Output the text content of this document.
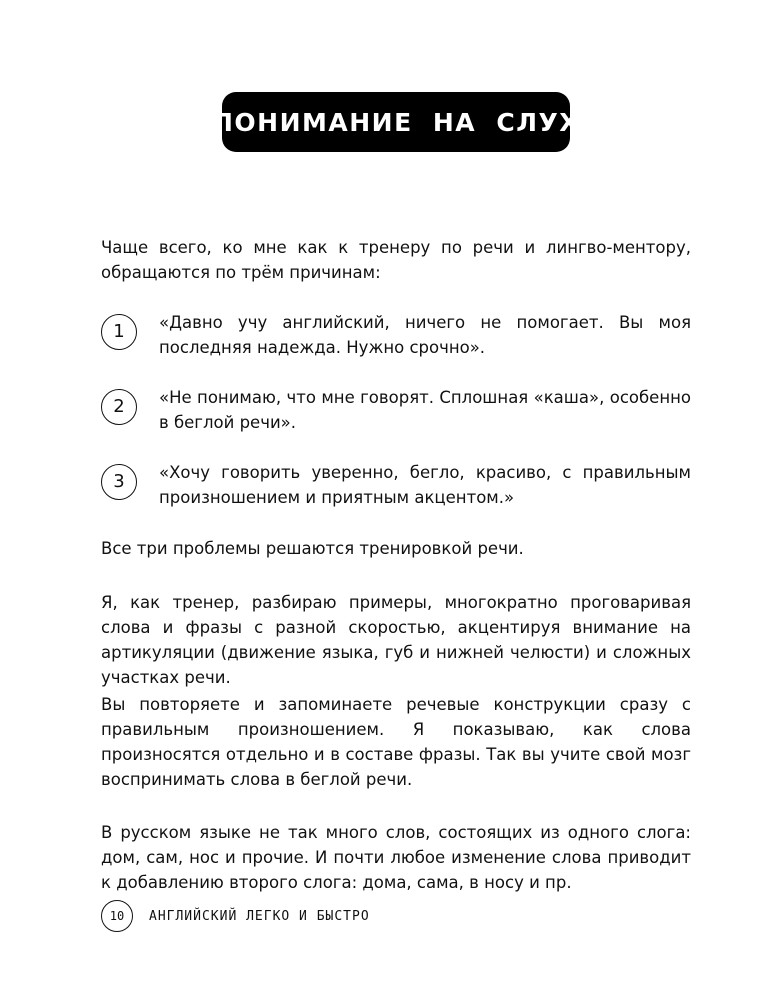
ПОНИМАНИЕ НА СЛУХ

Чаще всего, ко мне как к тренеру по речи и лингво-ментору, обращаются по трём причинам:

1	«Давно учу английский, ничего не помогает. Вы моя последняя надежда. Нужно срочно».

2	«Не понимаю, что мне говорят. Сплошная «каша», особенно в беглой речи».

3	«Хочу говорить уверенно, бегло, красиво, с правильным произношением и приятным акцентом.»

Все три проблемы решаются тренировкой речи.

Я, как тренер, разбираю примеры, многократно проговаривая слова и фразы с разной скоростью, акцентируя внимание на артикуляции (движение языка, губ и нижней челюсти) и сложных участках речи.

Вы повторяете и запоминаете речевые конструкции сразу с правильным произношением. Я показываю, как слова произносятся отдельно и в составе фразы. Так вы учите свой мозг воспринимать слова в беглой речи.

В русском языке не так много слов, состоящих из одного слога: дом, сам, нос и прочие. И почти любое изменение слова приводит к добавлению второго слога: дома, сама, в носу и пр.

10	АНГЛИЙСКИЙ ЛЕГКО И БЫСТРО
